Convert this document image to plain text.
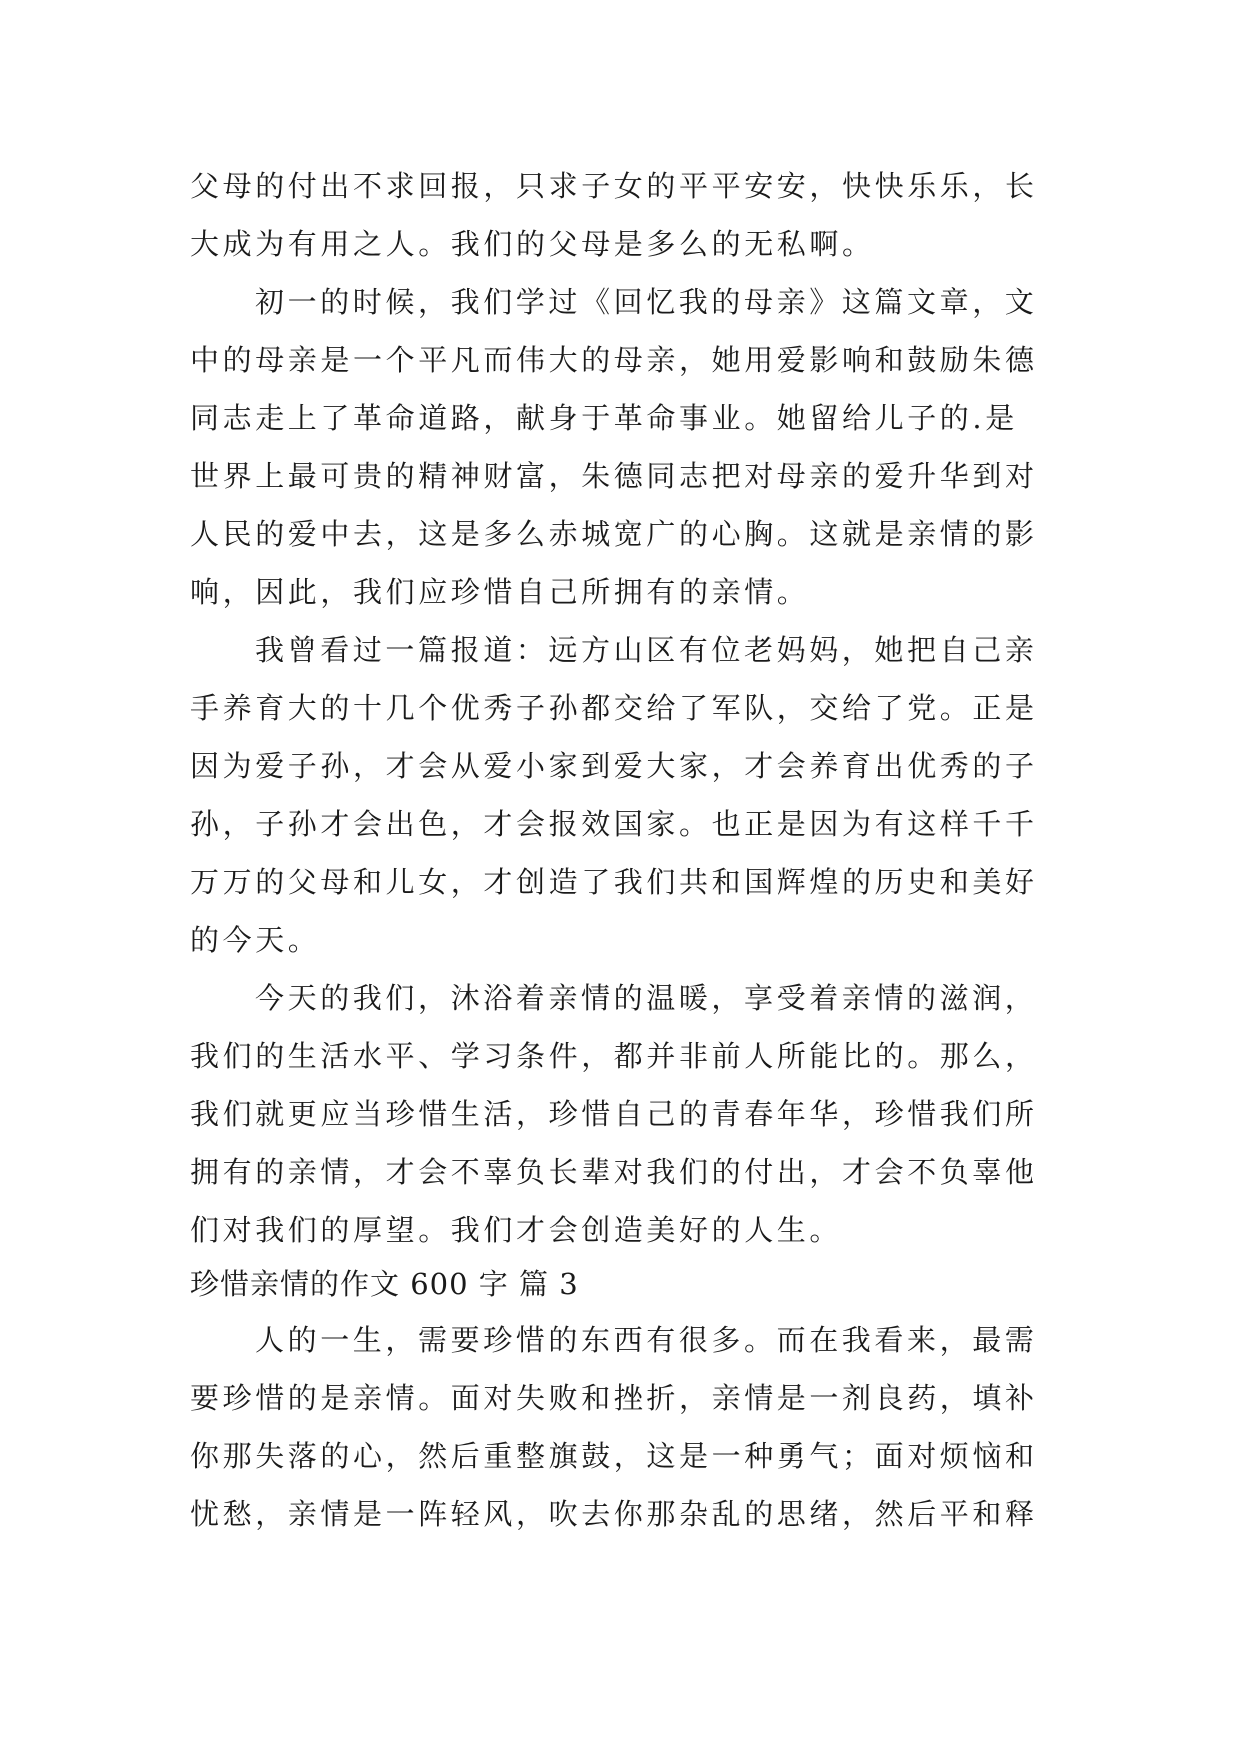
父母的付出不求回报，只求子女的平平安安，快快乐乐，长

大成为有用之人。我们的父母是多么的无私啊。

初一的时候，我们学过《回忆我的母亲》这篇文章，文

中的母亲是一个平凡而伟大的母亲，她用爱影响和鼓励朱德

同志走上了革命道路，献身于革命事业。她留给儿子的.是

世界上最可贵的精神财富，朱德同志把对母亲的爱升华到对

人民的爱中去，这是多么赤城宽广的心胸。这就是亲情的影

响，因此，我们应珍惜自己所拥有的亲情。

我曾看过一篇报道：远方山区有位老妈妈，她把自己亲

手养育大的十几个优秀子孙都交给了军队，交给了党。正是

因为爱子孙，才会从爱小家到爱大家，才会养育出优秀的子

孙，子孙才会出色，才会报效国家。也正是因为有这样千千

万万的父母和儿女，才创造了我们共和国辉煌的历史和美好

的今天。

今天的我们，沐浴着亲情的温暖，享受着亲情的滋润，

我们的生活水平、学习条件，都并非前人所能比的。那么，

我们就更应当珍惜生活，珍惜自己的青春年华，珍惜我们所

拥有的亲情，才会不辜负长辈对我们的付出，才会不负辜他

们对我们的厚望。我们才会创造美好的人生。

珍惜亲情的作文 600 字 篇 3

人的一生，需要珍惜的东西有很多。而在我看来，最需

要珍惜的是亲情。面对失败和挫折，亲情是一剂良药，填补

你那失落的心，然后重整旗鼓，这是一种勇气；面对烦恼和

忧愁，亲情是一阵轻风，吹去你那杂乱的思绪，然后平和释
